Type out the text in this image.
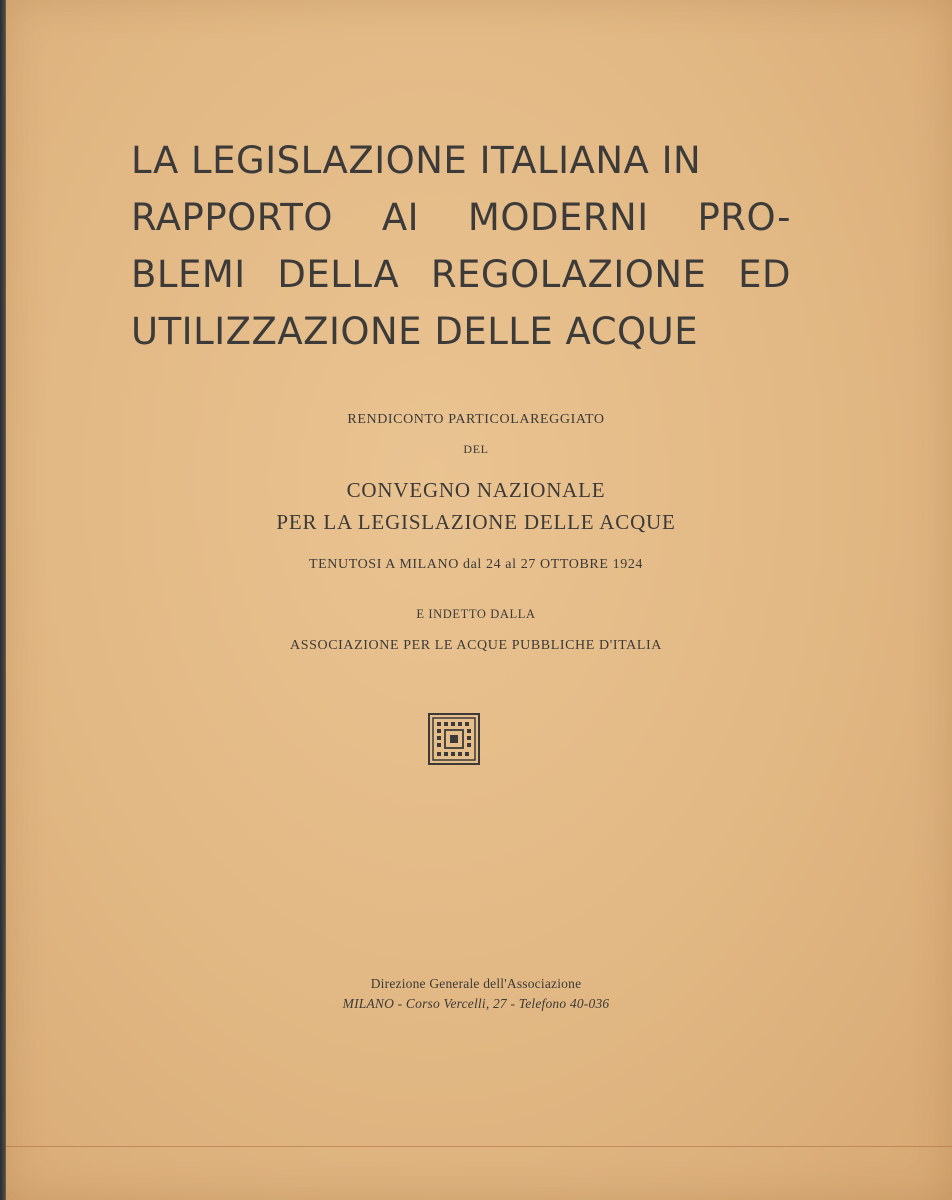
LA LEGISLAZIONE ITALIANA IN
RAPPORTO AI MODERNI PRO-
BLEMI DELLA REGOLAZIONE ED
UTILIZZAZIONE DELLE ACQUE
RENDICONTO PARTICOLAREGGIATO
DEL
CONVEGNO NAZIONALE
PER LA LEGISLAZIONE DELLE ACQUE
TENUTOSI A MILANO dal 24 al 27 OTTOBRE 1924
E INDETTO DALLA
ASSOCIAZIONE PER LE ACQUE PUBBLICHE D'ITALIA
Direzione Generale dell'Associazione
MILANO - Corso Vercelli, 27 - Telefono 40-036
